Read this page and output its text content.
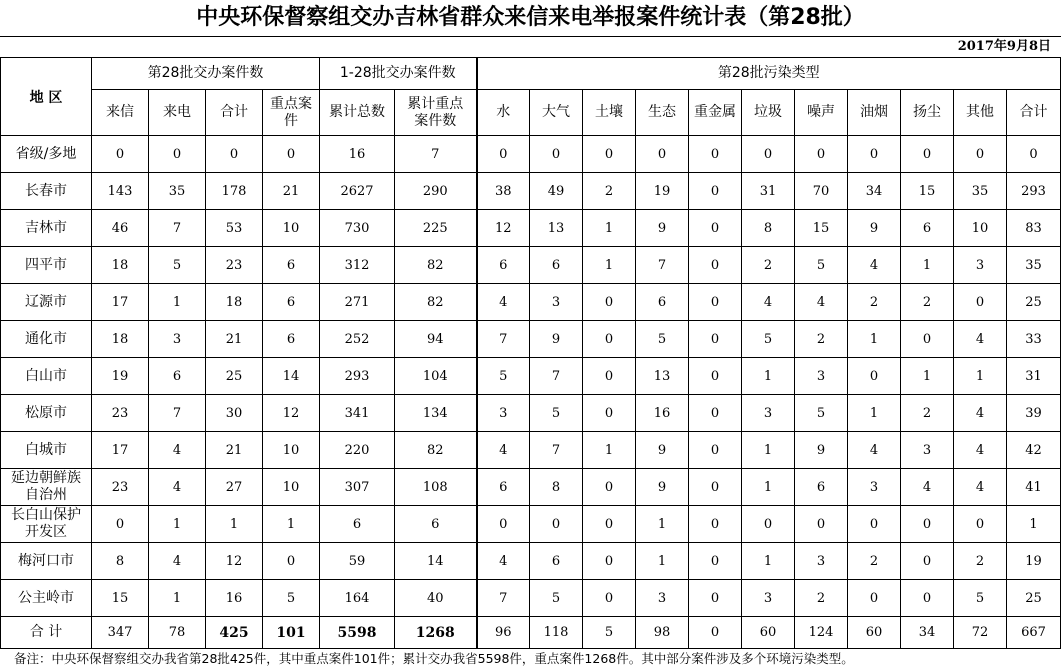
中央环保督察组交办吉林省群众来信来电举报案件统计表（第28批）
2017年9月8日
地 区	第28批交办案件数				1-28批交办案件数		第28批污染类型										
	来信	来电	合计	重点案件	累计总数	累计重点案件数	水	大气	土壤	生态	重金属	垃圾	噪声	油烟	扬尘	其他	合计
省级/多地	0	0	0	0	16	7	0	0	0	0	0	0	0	0	0	0	0
长春市	143	35	178	21	2627	290	38	49	2	19	0	31	70	34	15	35	293
吉林市	46	7	53	10	730	225	12	13	1	9	0	8	15	9	6	10	83
四平市	18	5	23	6	312	82	6	6	1	7	0	2	5	4	1	3	35
辽源市	17	1	18	6	271	82	4	3	0	6	0	4	4	2	2	0	25
通化市	18	3	21	6	252	94	7	9	0	5	0	5	2	1	0	4	33
白山市	19	6	25	14	293	104	5	7	0	13	0	1	3	0	1	1	31
松原市	23	7	30	12	341	134	3	5	0	16	0	3	5	1	2	4	39
白城市	17	4	21	10	220	82	4	7	1	9	0	1	9	4	3	4	42
延边朝鲜族自治州	23	4	27	10	307	108	6	8	0	9	0	1	6	3	4	4	41
长白山保护开发区	0	1	1	1	6	6	0	0	0	1	0	0	0	0	0	0	1
梅河口市	8	4	12	0	59	14	4	6	0	1	0	1	3	2	0	2	19
公主岭市	15	1	16	5	164	40	7	5	0	3	0	3	2	0	0	5	25
合 计	347	78	425	101	5598	1268	96	118	5	98	0	60	124	60	34	72	667
备注：中央环保督察组交办我省第28批425件，其中重点案件101件；累计交办我省5598件，重点案件1268件。其中部分案件涉及多个环境污染类型。
